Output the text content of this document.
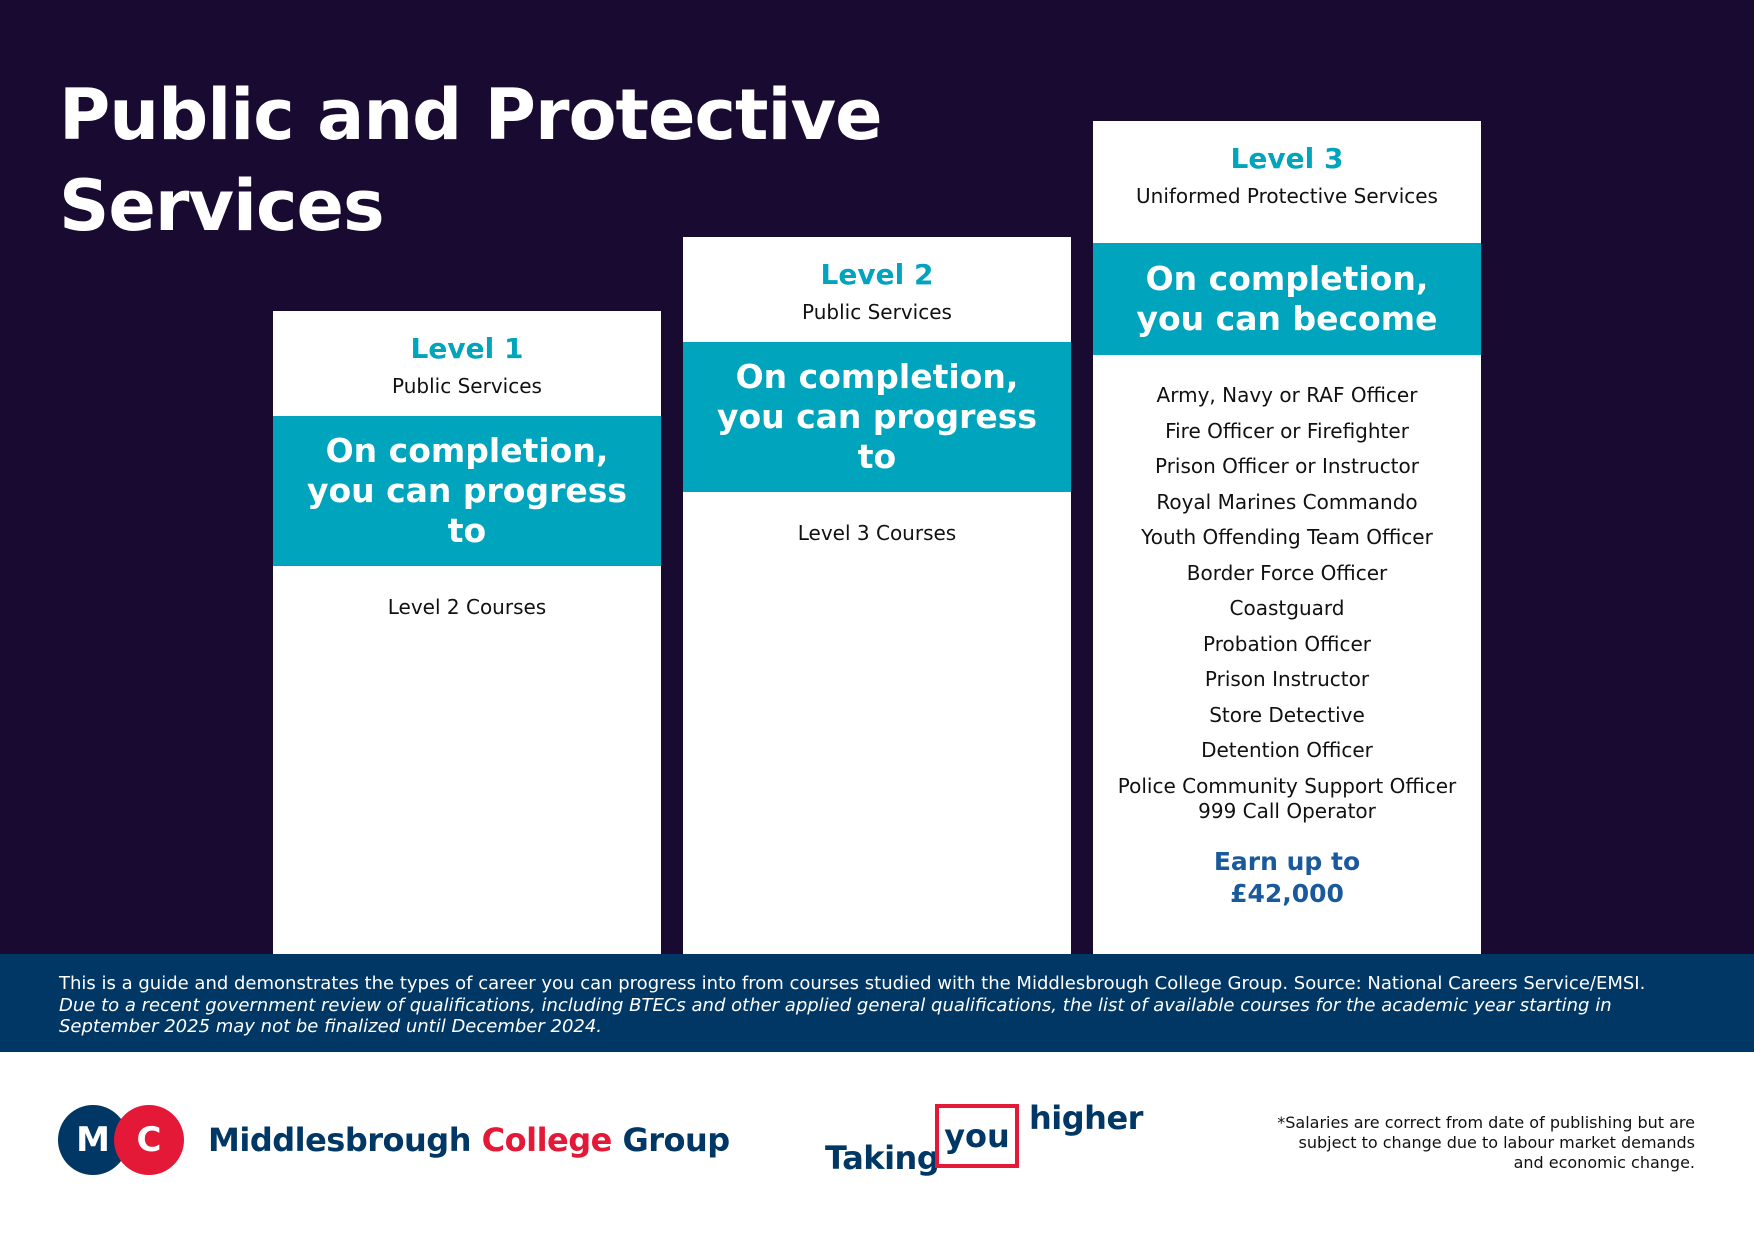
Public and Protective Services
Level 1
Public Services
On completion, you can progress to
Level 2 Courses
Level 2
Public Services
On completion, you can progress to
Level 3 Courses
Level 3
Uniformed Protective Services
On completion, you can become
Army, Navy or RAF Officer
Fire Officer or Firefighter
Prison Officer or Instructor
Royal Marines Commando
Youth Offending Team Officer
Border Force Officer
Coastguard
Probation Officer
Prison Instructor
Store Detective
Detention Officer
Police Community Support Officer
999 Call Operator
Earn up to
£42,000
This is a guide and demonstrates the types of career you can progress into from courses studied with the Middlesbrough College Group. Source: National Careers Service/EMSI.
Due to a recent government review of qualifications, including BTECs and other applied general qualifications, the list of available courses for the academic year starting in September 2025 may not be finalized until December 2024.
M C	Middlesbrough College Group	Taking
you higher	*Salaries are correct from date of publishing but are subject to change due to labour market demands and economic change.
